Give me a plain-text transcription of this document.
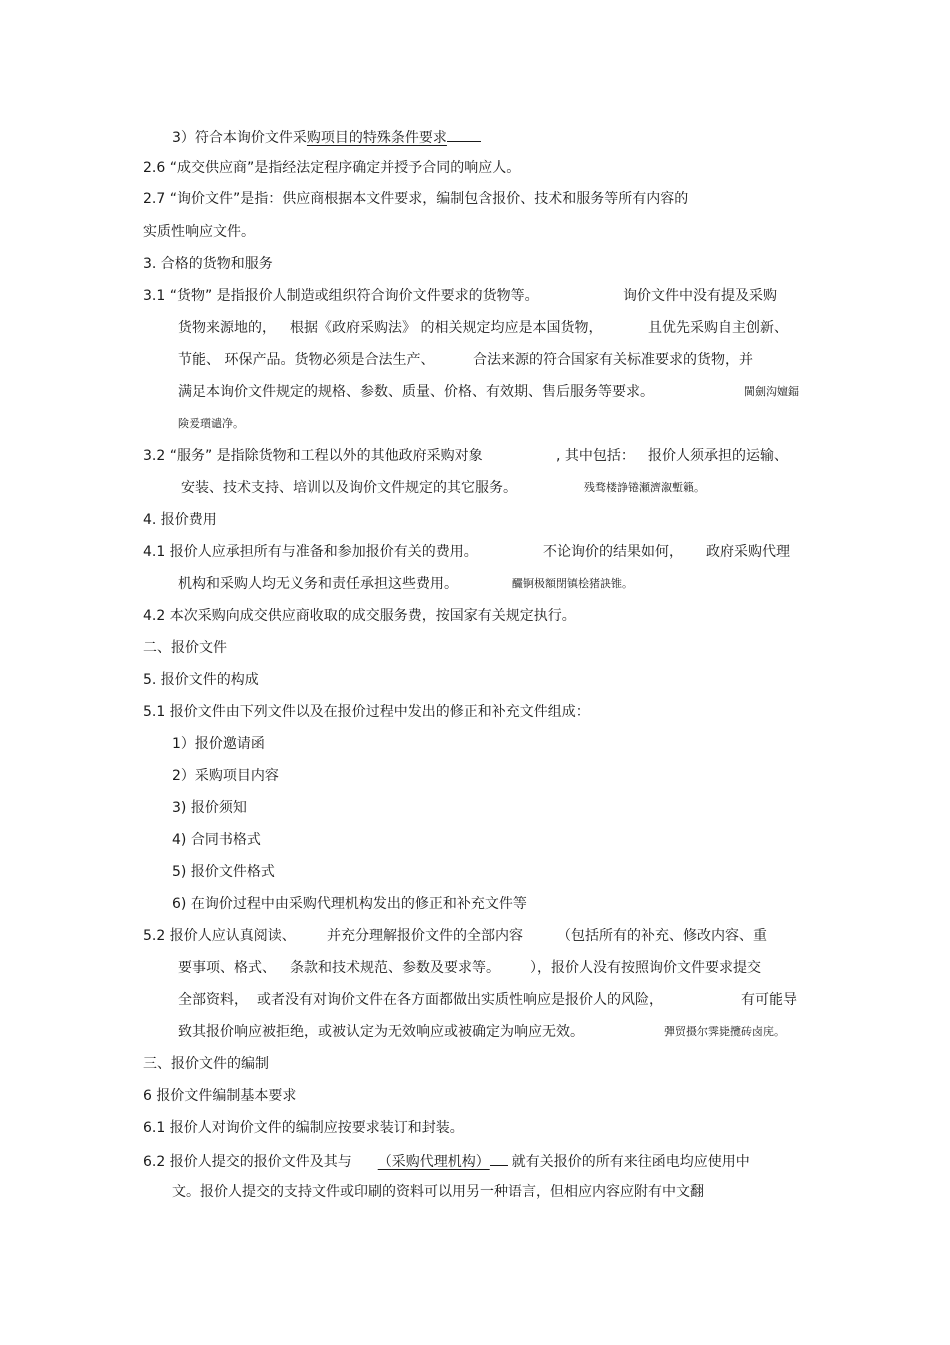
3）符合本询价文件采购项目的特殊条件要求
2.6 “成交供应商”是指经法定程序确定并授予合同的响应人。
2.7 “询价文件”是指：供应商根据本文件要求，编制包含报价、技术和服务等所有内容的
实质性响应文件。
3. 合格的货物和服务
3.1 “货物” 是指报价人制造或组织符合询价文件要求的货物等。	询价文件中没有提及采购
货物来源地的， 根据《政府采购法》 的相关规定均应是本国货物，	且优先采购自主创新、
节能、 环保产品。货物必须是合法生产、	合法来源的符合国家有关标准要求的货物，并
满足本询价文件规定的规格、参数、质量、价格、有效期、售后服务等要求。	閫劍沟嬗鍢
険爰瓆谴净。
3.2 “服务” 是指除货物和工程以外的其他政府采购对象	, 其中包括： 报价人须承担的运输、
安装、技术支持、培训以及询价文件规定的其它服务。	残骛楼諍锩瀬濟溆塹籟。
4. 报价费用
4.1 报价人应承担所有与准备和参加报价有关的费用。	不论询价的结果如何， 政府采购代理
机构和采购人均无义务和责任承担这些费用。	釅锕极額閉镇桧猪訣锥。
4.2 本次采购向成交供应商收取的成交服务费，按国家有关规定执行。
二、报价文件
5. 报价文件的构成
5.1 报价文件由下列文件以及在报价过程中发出的修正和补充文件组成：
1）报价邀请函
2）采购项目内容
3) 报价须知
4) 合同书格式
5) 报价文件格式
6) 在询价过程中由采购代理机构发出的修正和补充文件等
5.2 报价人应认真阅读、 并充分理解报价文件的全部内容 （包括所有的补充、修改内容、重
要事项、格式、 条款和技术规范、参数及要求等。 ），报价人没有按照询价文件要求提交
全部资料， 或者没有对询价文件在各方面都做出实质性响应是报价人的风险，	有可能导
致其报价响应被拒绝，或被认定为无效响应或被确定为响应无效。	彈贸摄尔霁毙攬砖卤庑。
三、报价文件的编制
6 报价文件编制基本要求
6.1 报价人对询价文件的编制应按要求装订和封装。
6.2 报价人提交的报价文件及其与 （采购代理机构） 就有关报价的所有来往函电均应使用中
文。报价人提交的支持文件或印刷的资料可以用另一种语言，但相应内容应附有中文翻
